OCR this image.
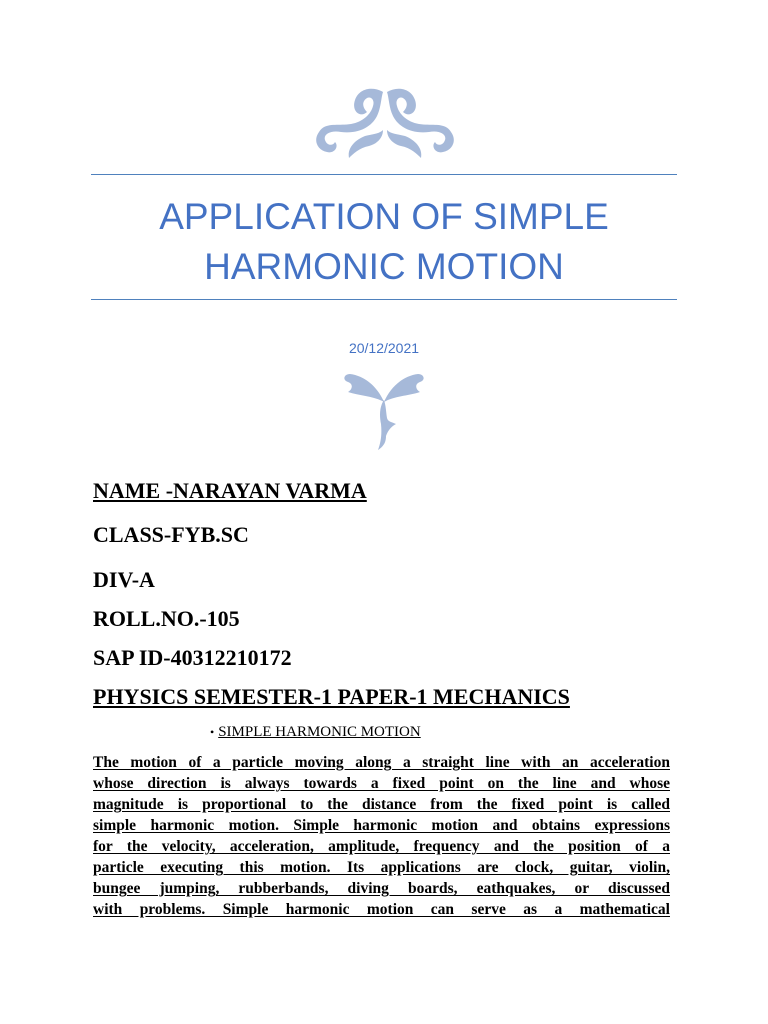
APPLICATION OF SIMPLE
HARMONIC MOTION
20/12/2021
NAME -NARAYAN VARMA
CLASS-FYB.SC
DIV-A
ROLL.NO.-105
SAP ID-40312210172
PHYSICS SEMESTER-1 PAPER-1 MECHANICS
• SIMPLE HARMONIC MOTION
The motion of a particle moving along a straight line with an acceleration
whose direction is always towards a fixed point on the line and whose
magnitude is proportional to the distance from the fixed point is called
simple harmonic motion. Simple harmonic motion and obtains expressions
for the velocity, acceleration, amplitude, frequency and the position of a
particle executing this motion. Its applications are clock, guitar, violin,
bungee jumping, rubberbands, diving boards, eathquakes, or discussed
with problems. Simple harmonic motion can serve as a mathematical
